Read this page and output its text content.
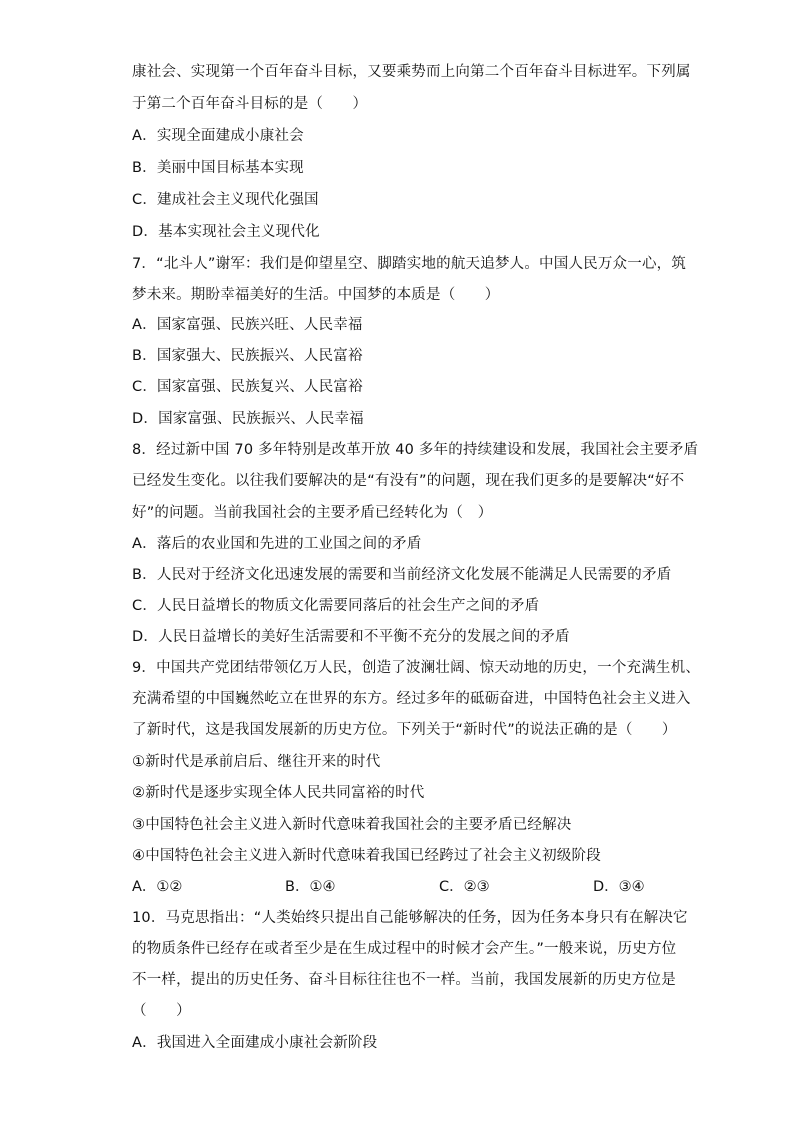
康社会、实现第一个百年奋斗目标，又要乘势而上向第二个百年奋斗目标进军。下列属
于第二个百年奋斗目标的是（　　）
A．实现全面建成小康社会
B．美丽中国目标基本实现
C．建成社会主义现代化强国
D．基本实现社会主义现代化
7．“北斗人”谢军：我们是仰望星空、脚踏实地的航天追梦人。中国人民万众一心，筑
梦未来。期盼幸福美好的生活。中国梦的本质是（　　）
A．国家富强、民族兴旺、人民幸福
B．国家强大、民族振兴、人民富裕
C．国家富强、民族复兴、人民富裕
D．国家富强、民族振兴、人民幸福
8．经过新中国 70 多年特别是改革开放 40 多年的持续建设和发展，我国社会主要矛盾
已经发生变化。以往我们要解决的是“有没有”的问题，现在我们更多的是要解决“好不
好”的问题。当前我国社会的主要矛盾已经转化为（　）
A．落后的农业国和先进的工业国之间的矛盾
B．人民对于经济文化迅速发展的需要和当前经济文化发展不能满足人民需要的矛盾
C．人民日益增长的物质文化需要同落后的社会生产之间的矛盾
D．人民日益增长的美好生活需要和不平衡不充分的发展之间的矛盾
9．中国共产党团结带领亿万人民，创造了波澜壮阔、惊天动地的历史，一个充满生机、
充满希望的中国巍然屹立在世界的东方。经过多年的砥砺奋进，中国特色社会主义进入
了新时代，这是我国发展新的历史方位。下列关于“新时代”的说法正确的是（　　）
①新时代是承前启后、继往开来的时代
②新时代是逐步实现全体人民共同富裕的时代
③中国特色社会主义进入新时代意味着我国社会的主要矛盾已经解决
④中国特色社会主义进入新时代意味着我国已经跨过了社会主义初级阶段
A．①②	B．①④	C．②③	D．③④
10．马克思指出：“人类始终只提出自己能够解决的任务，因为任务本身只有在解决它
的物质条件已经存在或者至少是在生成过程中的时候才会产生。”一般来说，历史方位
不一样，提出的历史任务、奋斗目标往往也不一样。当前，我国发展新的历史方位是
（　　）
A．我国进入全面建成小康社会新阶段
